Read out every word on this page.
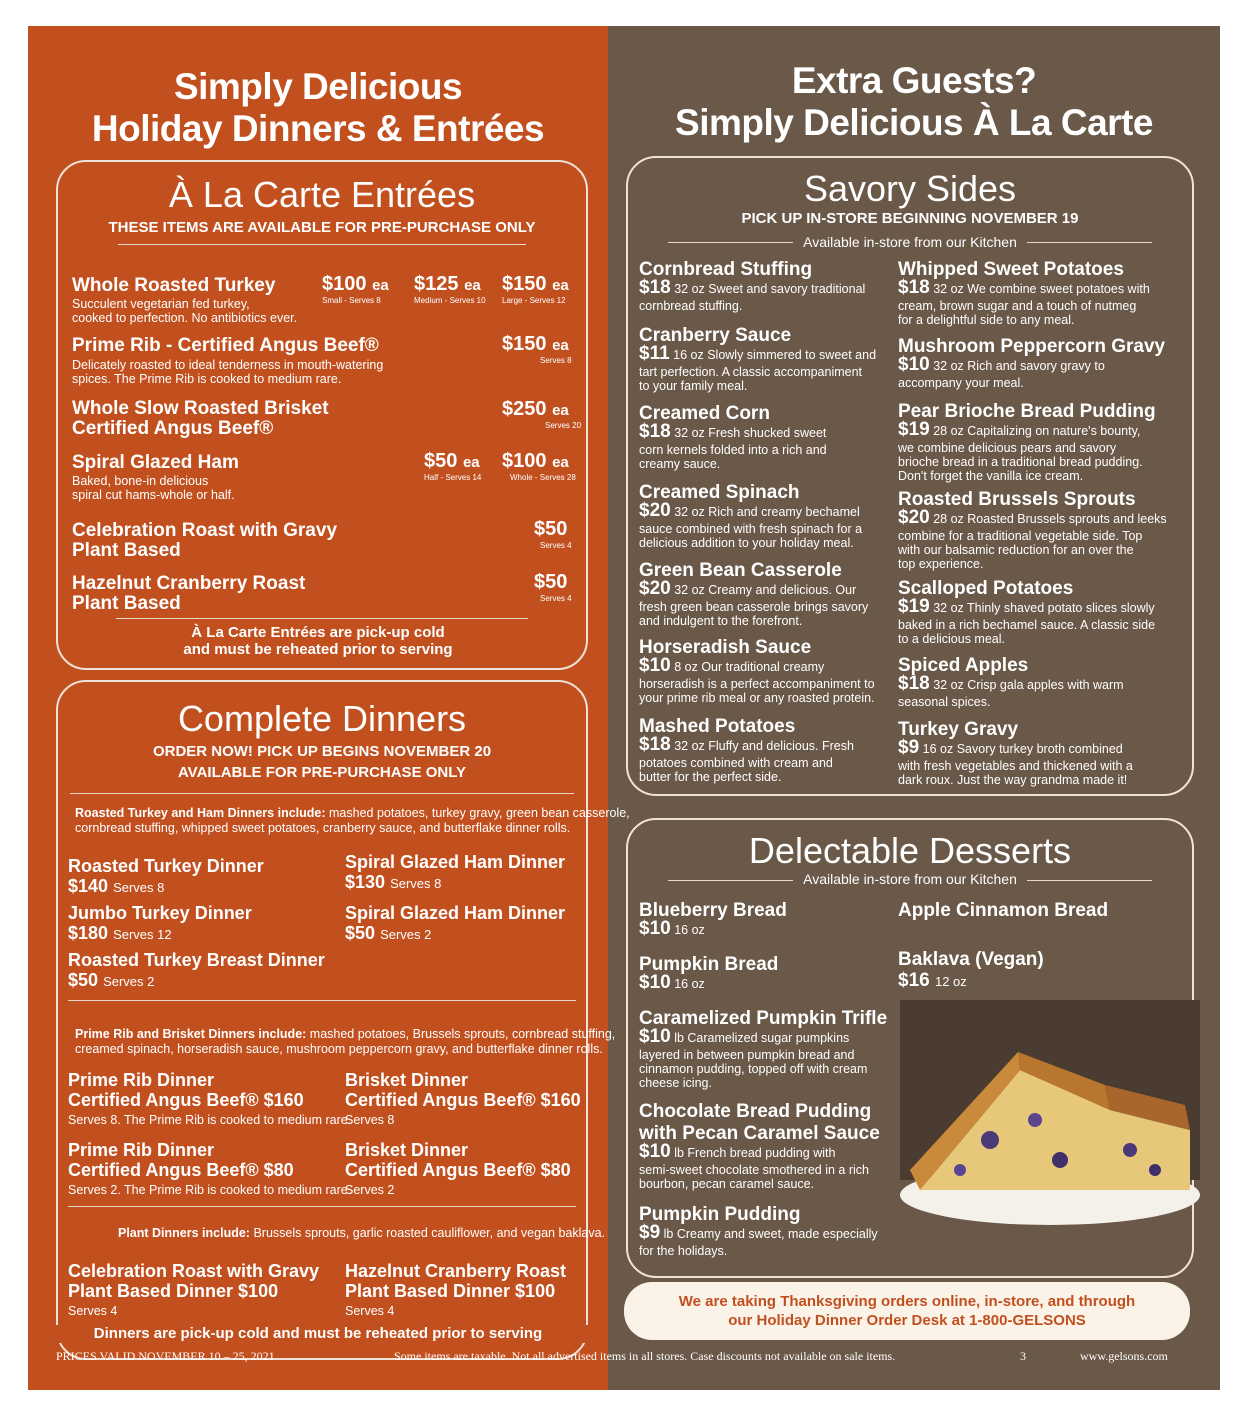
Simply Delicious
Holiday Dinners & Entrées
À La Carte Entrées
THESE ITEMS ARE AVAILABLE FOR PRE-PURCHASE ONLY
Whole Roasted Turkey
Succulent vegetarian fed turkey,
cooked to perfection. No antibiotics ever.
$100 ea
Small - Serves 8
$125 ea
Medium - Serves 10
$150 ea
Large - Serves 12
Prime Rib - Certified Angus Beef®
Delicately roasted to ideal tenderness in mouth-watering
spices. The Prime Rib is cooked to medium rare.
$150 ea
Serves 8
Whole Slow Roasted Brisket
Certified Angus Beef®
$250 ea
Serves 20
Spiral Glazed Ham
Baked, bone-in delicious
spiral cut hams-whole or half.
$50 ea
Half - Serves 14
$100 ea
Whole - Serves 28
Celebration Roast with Gravy
Plant Based
$50
Serves 4
Hazelnut Cranberry Roast
Plant Based
$50
Serves 4
À La Carte Entrées are pick-up cold
and must be reheated prior to serving
Complete Dinners
ORDER NOW! PICK UP BEGINS NOVEMBER 20
AVAILABLE FOR PRE-PURCHASE ONLY
Roasted Turkey and Ham Dinners include: mashed potatoes, turkey gravy, green bean casserole,
cornbread stuffing, whipped sweet potatoes, cranberry sauce, and butterflake dinner rolls.
Roasted Turkey Dinner
$140 Serves 8
Spiral Glazed Ham Dinner
$130 Serves 8
Jumbo Turkey Dinner
$180 Serves 12
Spiral Glazed Ham Dinner
$50 Serves 2
Roasted Turkey Breast Dinner
$50 Serves 2
Prime Rib and Brisket Dinners include: mashed potatoes, Brussels sprouts, cornbread stuffing,
creamed spinach, horseradish sauce, mushroom peppercorn gravy, and butterflake dinner rolls.
Prime Rib Dinner
Certified Angus Beef® $160
Serves 8. The Prime Rib is cooked to medium rare.
Brisket Dinner
Certified Angus Beef® $160
Serves 8
Prime Rib Dinner
Certified Angus Beef® $80
Serves 2. The Prime Rib is cooked to medium rare.
Brisket Dinner
Certified Angus Beef® $80
Serves 2
Plant Dinners include: Brussels sprouts, garlic roasted cauliflower, and vegan baklava.
Celebration Roast with Gravy
Plant Based Dinner $100
Serves 4
Hazelnut Cranberry Roast
Plant Based Dinner $100
Serves 4
Dinners are pick-up cold and must be reheated prior to serving
Extra Guests?
Simply Delicious À La Carte
Savory Sides
PICK UP IN-STORE BEGINNING NOVEMBER 19
Available in-store from our Kitchen
Cornbread Stuffing
$18 32 oz Sweet and savory traditional
cornbread stuffing.
Cranberry Sauce
$11 16 oz Slowly simmered to sweet and
tart perfection. A classic accompaniment
to your family meal.
Creamed Corn
$18 32 oz Fresh shucked sweet
corn kernels folded into a rich and
creamy sauce.
Creamed Spinach
$20 32 oz Rich and creamy bechamel
sauce combined with fresh spinach for a
delicious addition to your holiday meal.
Green Bean Casserole
$20 32 oz Creamy and delicious. Our
fresh green bean casserole brings savory
and indulgent to the forefront.
Horseradish Sauce
$10 8 oz Our traditional creamy
horseradish is a perfect accompaniment to
your prime rib meal or any roasted protein.
Mashed Potatoes
$18 32 oz Fluffy and delicious. Fresh
potatoes combined with cream and
butter for the perfect side.
Whipped Sweet Potatoes
$18 32 oz We combine sweet potatoes with
cream, brown sugar and a touch of nutmeg
for a delightful side to any meal.
Mushroom Peppercorn Gravy
$10 32 oz Rich and savory gravy to
accompany your meal.
Pear Brioche Bread Pudding
$19 28 oz Capitalizing on nature's bounty,
we combine delicious pears and savory
brioche bread in a traditional bread pudding.
Don't forget the vanilla ice cream.
Roasted Brussels Sprouts
$20 28 oz Roasted Brussels sprouts and leeks
combine for a traditional vegetable side. Top
with our balsamic reduction for an over the
top experience.
Scalloped Potatoes
$19 32 oz Thinly shaved potato slices slowly
baked in a rich bechamel sauce. A classic side
to a delicious meal.
Spiced Apples
$18 32 oz Crisp gala apples with warm
seasonal spices.
Turkey Gravy
$9 16 oz Savory turkey broth combined
with fresh vegetables and thickened with a
dark roux. Just the way grandma made it!
Delectable Desserts
Available in-store from our Kitchen
Blueberry Bread
$10 16 oz
Pumpkin Bread
$10 16 oz
Caramelized Pumpkin Trifle
$10 lb Caramelized sugar pumpkins
layered in between pumpkin bread and
cinnamon pudding, topped off with cream
cheese icing.
Chocolate Bread Pudding
with Pecan Caramel Sauce
$10 lb French bread pudding with
semi-sweet chocolate smothered in a rich
bourbon, pecan caramel sauce.
Pumpkin Pudding
$9 lb Creamy and sweet, made especially
for the holidays.
Apple Cinnamon Bread
Baklava (Vegan)
$16 12 oz
We are taking Thanksgiving orders online, in-store, and through
our Holiday Dinner Order Desk at 1-800-GELSONS
PRICES VALID NOVEMBER 10 – 25, 2021	Some items are taxable. Not all advertised items in all stores. Case discounts not available on sale items.	3	www.gelsons.com
